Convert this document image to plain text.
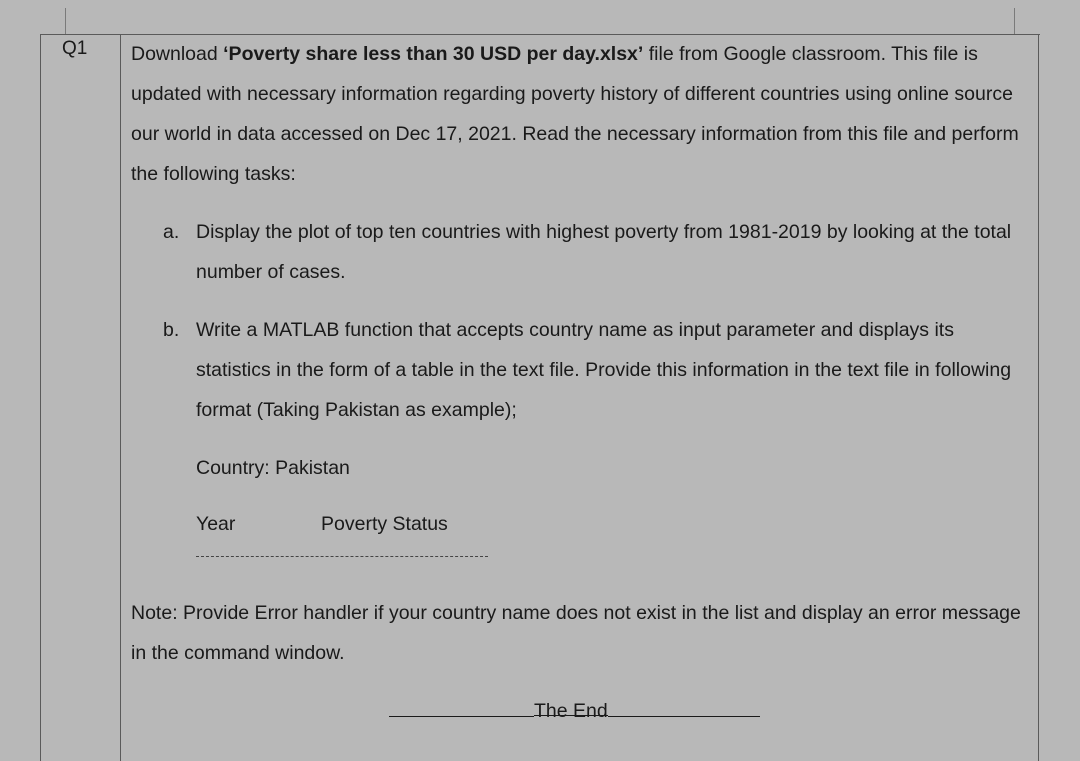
Q1 Download ‘Poverty share less than 30 USD per day.xlsx’ file from Google classroom. This file is updated with necessary information regarding poverty history of different countries using online source our world in data accessed on Dec 17, 2021. Read the necessary information from this file and perform the following tasks:

a. Display the plot of top ten countries with highest poverty from 1981-2019 by looking at the total number of cases.
b. Write a MATLAB function that accepts country name as input parameter and displays its statistics in the form of a table in the text file. Provide this information in the text file in following format (Taking Pakistan as example);
Country: Pakistan
Year	Poverty Status
Note: Provide Error handler if your country name does not exist in the list and display an error message in the command window.
The End
